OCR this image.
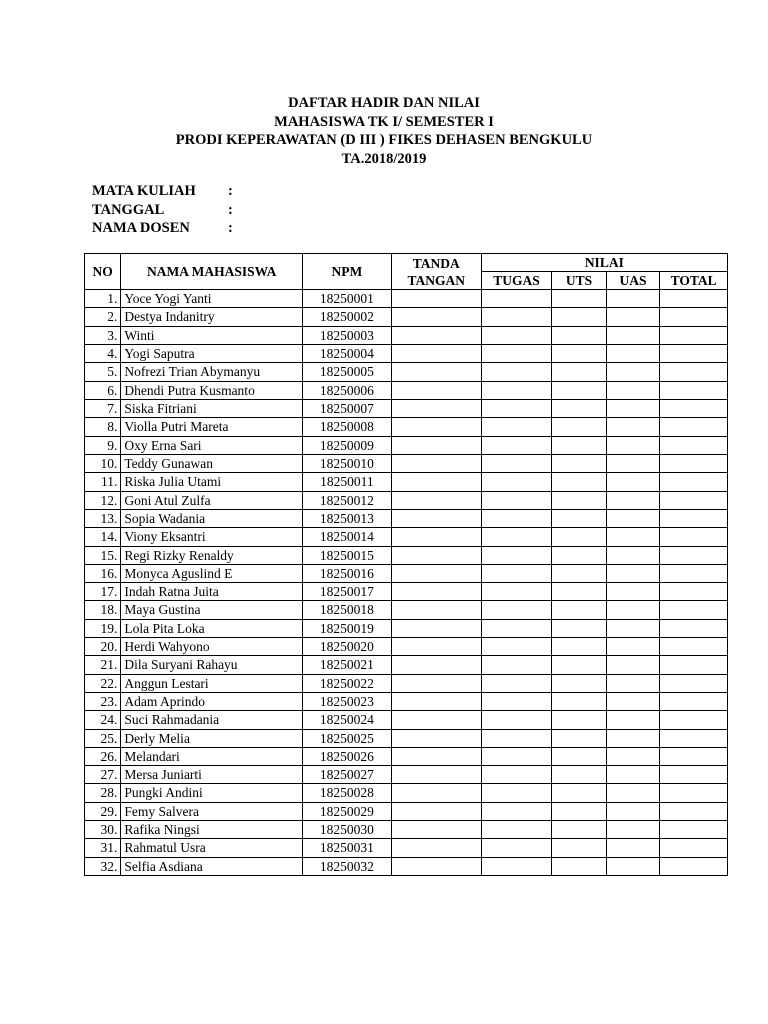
DAFTAR HADIR DAN NILAI
MAHASISWA TK I/ SEMESTER I
PRODI KEPERAWATAN (D III ) FIKES DEHASEN BENGKULU
TA.2018/2019
MATA KULIAH	:
TANGGAL	:
NAMA DOSEN	:
NO	NAMA MAHASISWA	NPM	TANDA TANGAN	NILAI			
				TUGAS	UTS	UAS	TOTAL
1.	Yoce Yogi Yanti	18250001					
2.	Destya Indanitry	18250002					
3.	Winti	18250003					
4.	Yogi Saputra	18250004					
5.	Nofrezi Trian Abymanyu	18250005					
6.	Dhendi Putra Kusmanto	18250006					
7.	Siska Fitriani	18250007					
8.	Violla Putri Mareta	18250008					
9.	Oxy Erna Sari	18250009					
10.	Teddy Gunawan	18250010					
11.	Riska Julia Utami	18250011					
12.	Goni Atul Zulfa	18250012					
13.	Sopia Wadania	18250013					
14.	Viony Eksantri	18250014					
15.	Regi Rizky Renaldy	18250015					
16.	Monyca Aguslind E	18250016					
17.	Indah Ratna Juita	18250017					
18.	Maya Gustina	18250018					
19.	Lola Pita Loka	18250019					
20.	Herdi Wahyono	18250020					
21.	Dila Suryani Rahayu	18250021					
22.	Anggun Lestari	18250022					
23.	Adam Aprindo	18250023					
24.	Suci Rahmadania	18250024					
25.	Derly Melia	18250025					
26.	Melandari	18250026					
27.	Mersa Juniarti	18250027					
28.	Pungki Andini	18250028					
29.	Femy Salvera	18250029					
30.	Rafika Ningsi	18250030					
31.	Rahmatul Usra	18250031					
32.	Selfia Asdiana	18250032					
